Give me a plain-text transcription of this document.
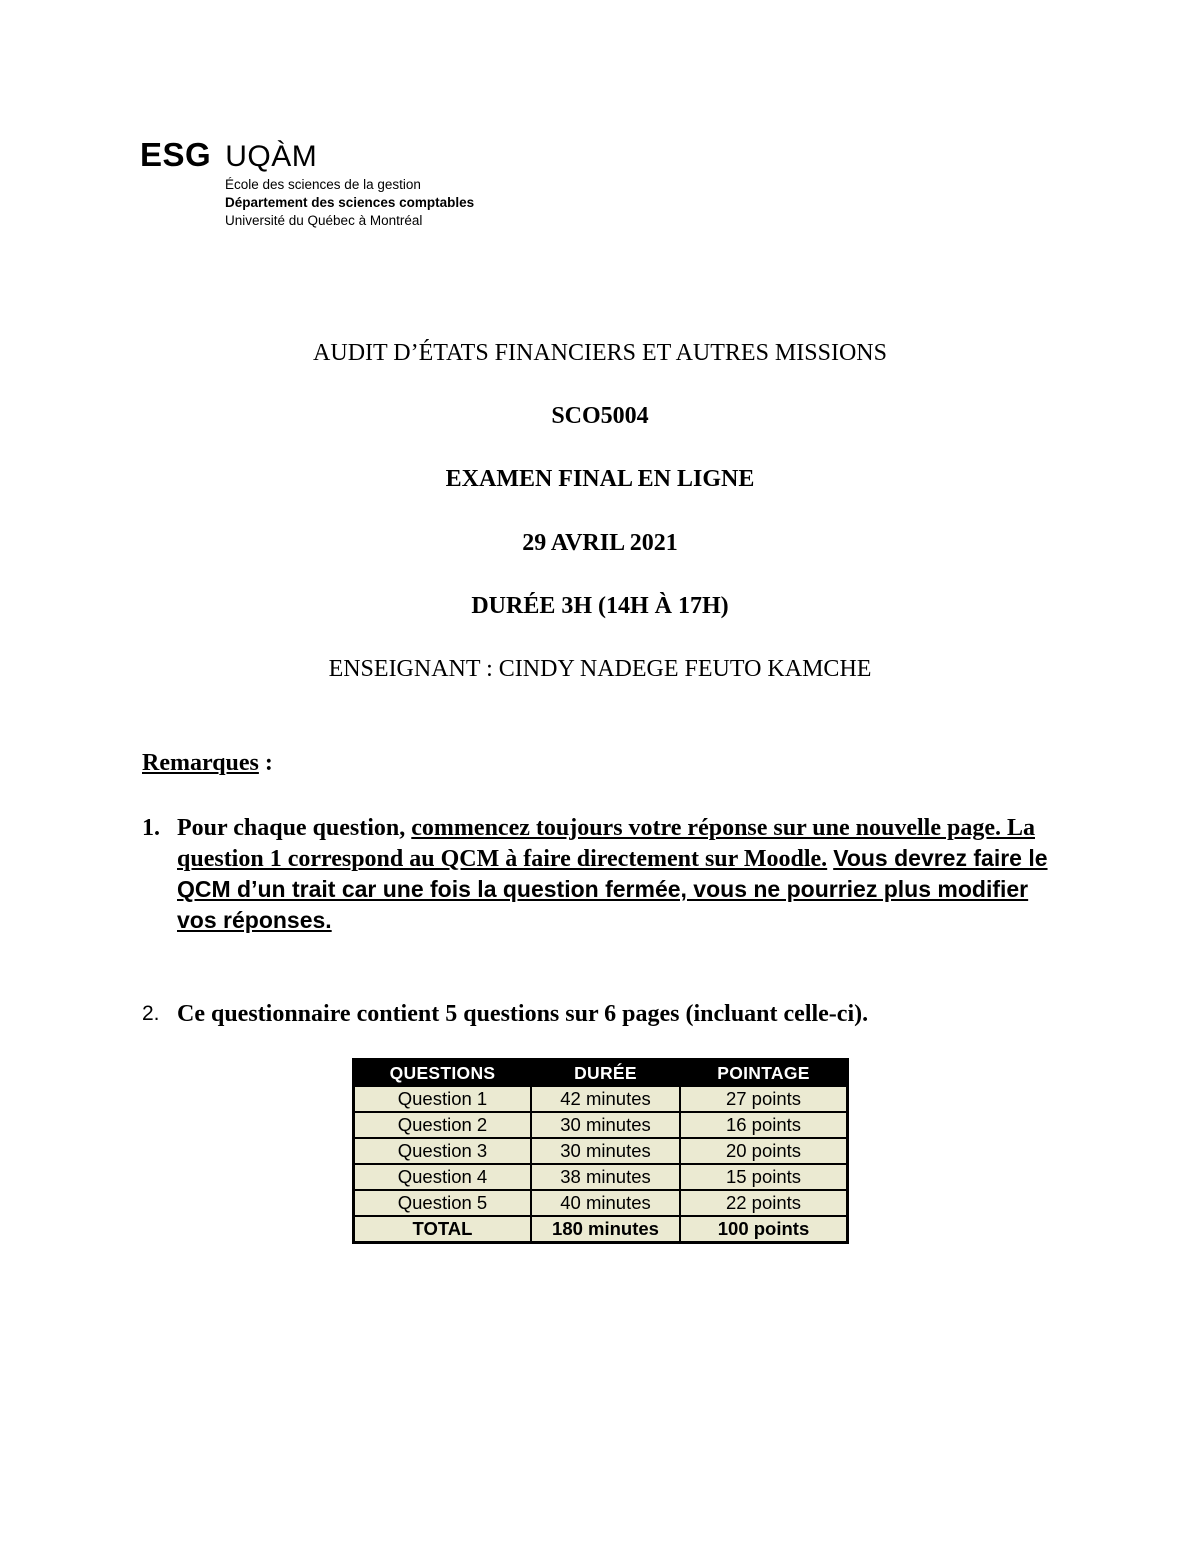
ESG UQÀM
École des sciences de la gestion
Département des sciences comptables
Université du Québec à Montréal
AUDIT D’ÉTATS FINANCIERS ET AUTRES MISSIONS
SCO5004
EXAMEN FINAL EN LIGNE
29 AVRIL 2021
DURÉE 3H (14H À 17H)
ENSEIGNANT : CINDY NADEGE FEUTO KAMCHE
Remarques :
1. Pour chaque question, commencez toujours votre réponse sur une nouvelle page. La question 1 correspond au QCM à faire directement sur Moodle. Vous devrez faire le QCM d’un trait car une fois la question fermée, vous ne pourriez plus modifier vos réponses.
2. Ce questionnaire contient 5 questions sur 6 pages (incluant celle-ci).
QUESTIONS	DURÉE	POINTAGE
Question 1	42 minutes	27 points
Question 2	30 minutes	16 points
Question 3	30 minutes	20 points
Question 4	38 minutes	15 points
Question 5	40 minutes	22 points
TOTAL	180 minutes	100 points
